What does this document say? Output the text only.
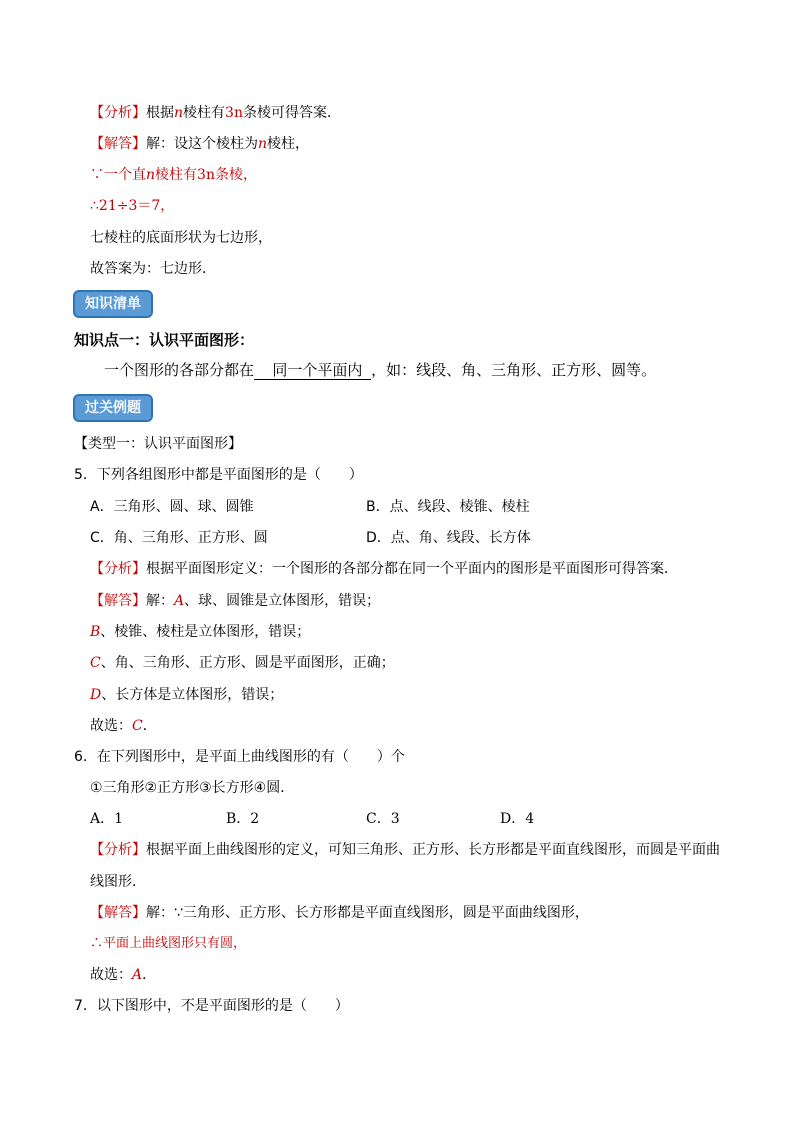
【分析】根据n棱柱有3n条棱可得答案．
【解答】解：设这个棱柱为n棱柱，
∵一个直n棱柱有3n条棱，
∴21÷3＝7，
七棱柱的底面形状为七边形，
故答案为：七边形．
知识清单
知识点一：认识平面图形：
一个图形的各部分都在 同一个平面内 ，如：线段、角、三角形、正方形、圆等。
过关例题
【类型一：认识平面图形】
5．下列各组图形中都是平面图形的是（　　）
A．三角形、圆、球、圆锥	B．点、线段、棱锥、棱柱
C．角、三角形、正方形、圆	D．点、角、线段、长方体
【分析】根据平面图形定义：一个图形的各部分都在同一个平面内的图形是平面图形可得答案．
【解答】解：A、球、圆锥是立体图形，错误；
B、棱锥、棱柱是立体图形，错误；
C、角、三角形、正方形、圆是平面图形，正确；
D、长方体是立体图形，错误；
故选：C．
6．在下列图形中，是平面上曲线图形的有（　　）个
①三角形②正方形③长方形④圆．
A．1	B．2	C．3	D．4
【分析】根据平面上曲线图形的定义，可知三角形、正方形、长方形都是平面直线图形，而圆是平面曲
线图形．
【解答】解：∵三角形、正方形、长方形都是平面直线图形，圆是平面曲线图形，
∴平面上曲线图形只有圆，
故选：A．
7．以下图形中，不是平面图形的是（　　）
